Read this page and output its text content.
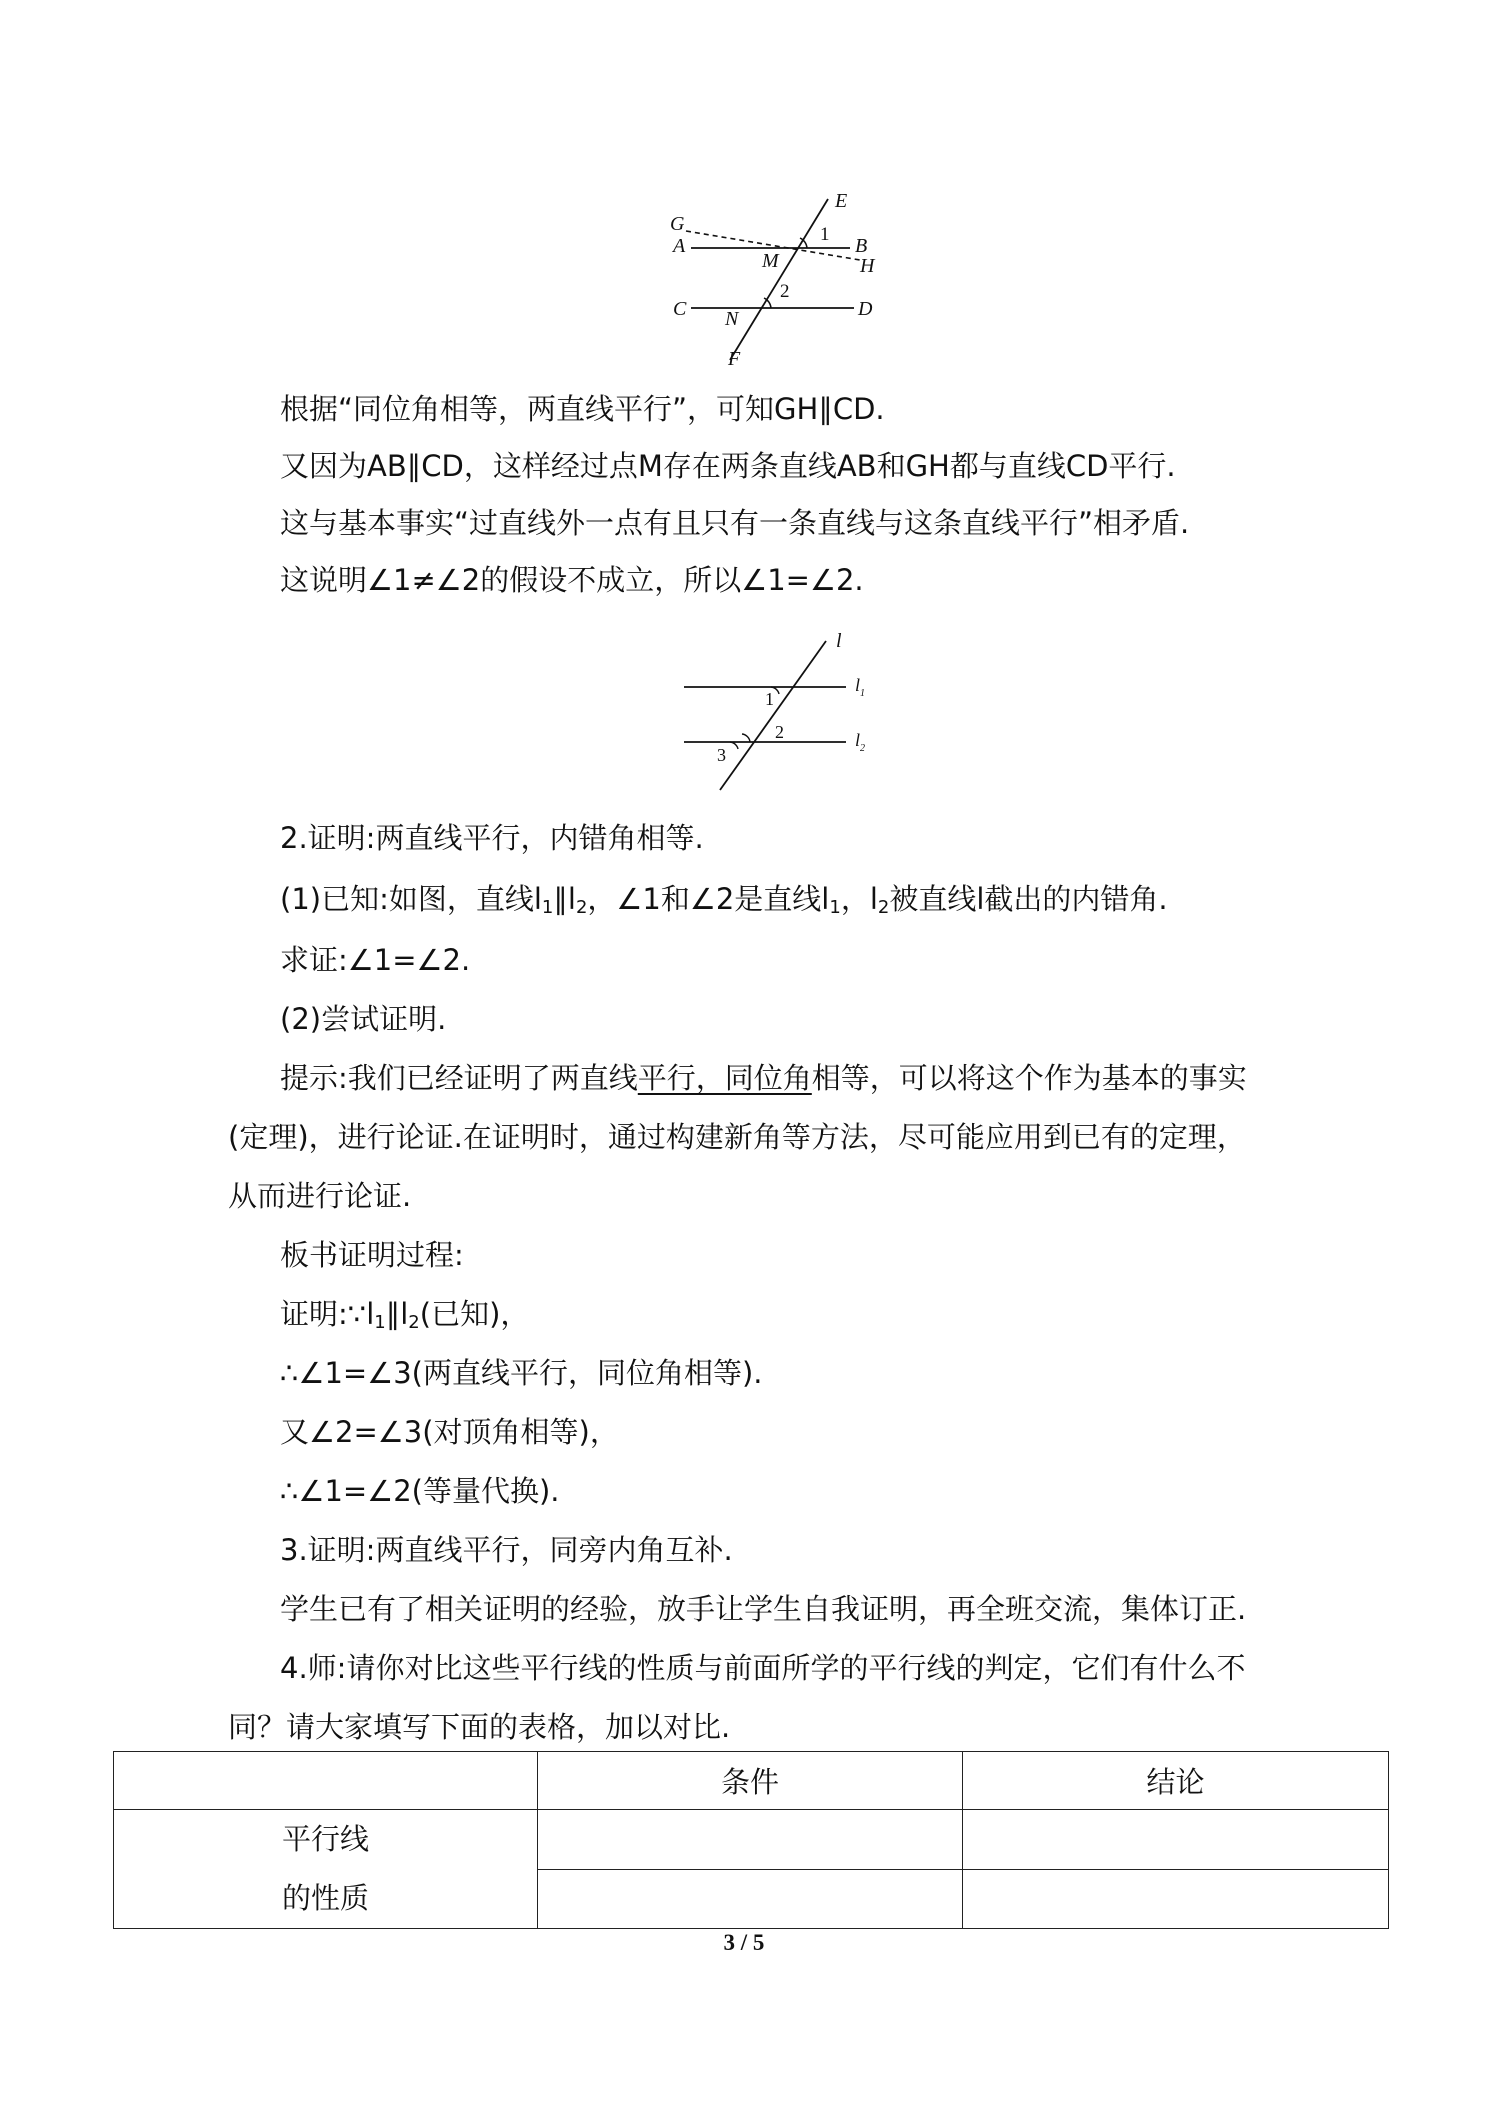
E
G
A	B
H
M
C	D
N
F
1
2
根据“同位角相等，两直线平行”，可知GH∥CD.
又因为AB∥CD，这样经过点M存在两条直线AB和GH都与直线CD平行.
这与基本事实“过直线外一点有且只有一条直线与这条直线平行”相矛盾.
这说明∠1≠∠2的假设不成立，所以∠1=∠2.
l
$l_1$
$l_2$
1
2
3
2.证明:两直线平行，内错角相等.
(1)已知:如图，直线$l_1\parallel l_2$，∠1和∠2是直线$l_1$，$l_2$被直线l截出的内错角.
求证:∠1=∠2.
(2)尝试证明.
提示:我们已经证明了两直线平行，同位角相等，可以将这个作为基本的事实
(定理)，进行论证.在证明时，通过构建新角等方法，尽可能应用到已有的定理，
从而进行论证.
板书证明过程:
证明$:\because l_1\parallel l_2$(已知)，
∴∠1=∠3(两直线平行，同位角相等).
又∠2=∠3(对顶角相等)，
∴∠1=∠2(等量代换).
3.证明:两直线平行，同旁内角互补.
学生已有了相关证明的经验，放手让学生自我证明，再全班交流，集体订正.
4.师:请你对比这些平行线的性质与前面所学的平行线的判定，它们有什么不
同？请大家填写下面的表格，加以对比.
	条件	结论
平行线
的性质		

3 / 5
